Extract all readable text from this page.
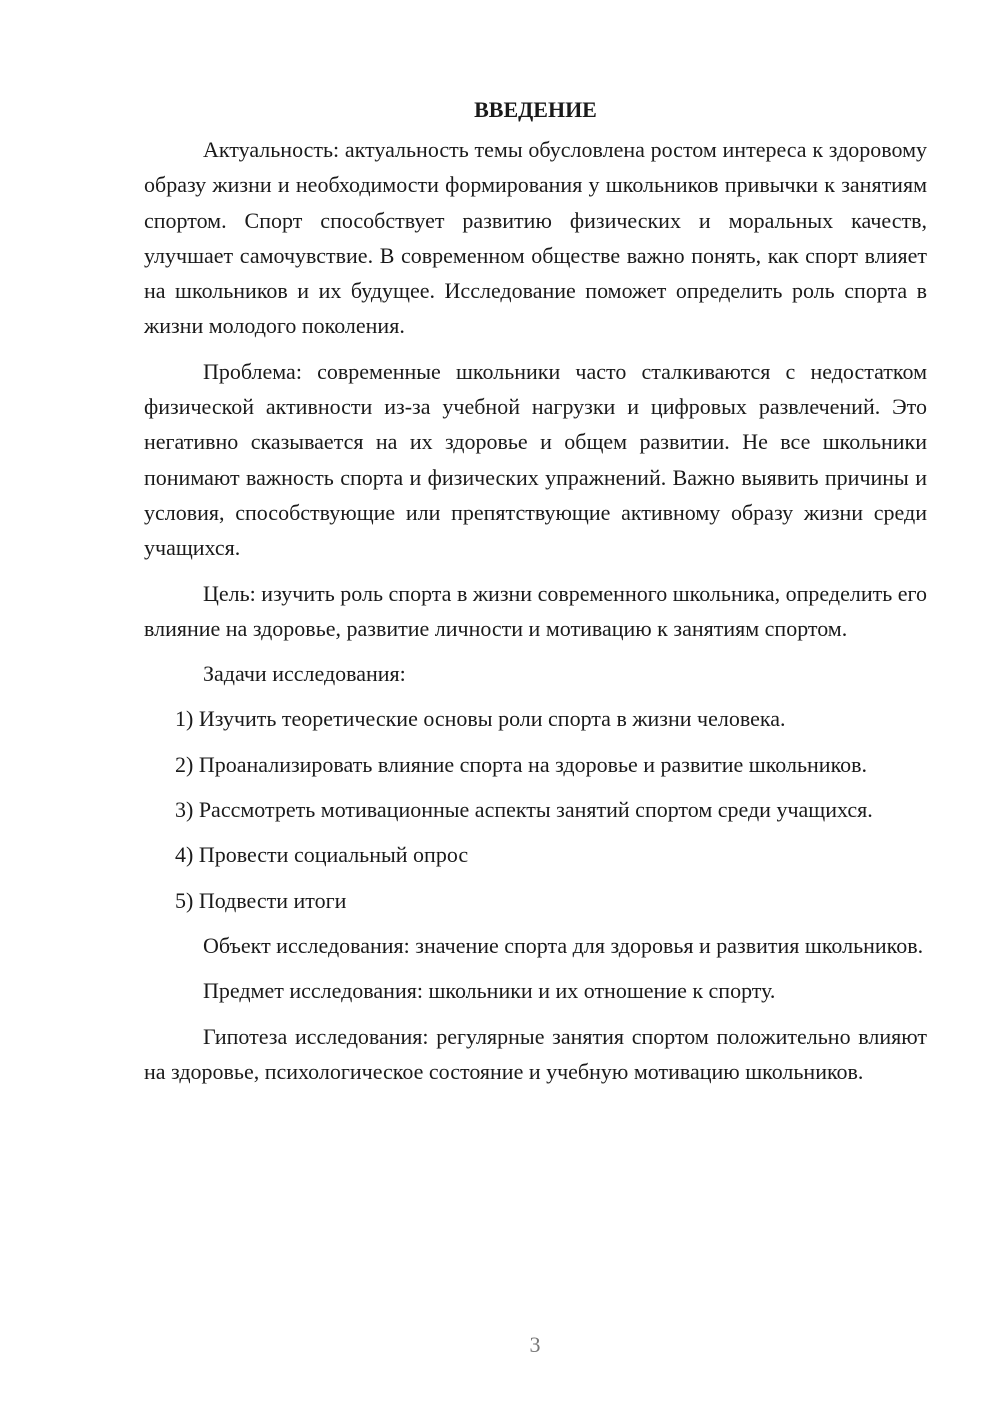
ВВЕДЕНИЕ

Актуальность: актуальность темы обусловлена ростом интереса к здоровому образу жизни и необходимости формирования у школьников привычки к занятиям спортом. Спорт способствует развитию физических и моральных качеств, улучшает самочувствие. В современном обществе важно понять, как спорт влияет на школьников и их будущее. Исследование поможет определить роль спорта в жизни молодого поколения.

Проблема: современные школьники часто сталкиваются с недостатком физической активности из-за учебной нагрузки и цифровых развлечений. Это негативно сказывается на их здоровье и общем развитии. Не все школьники понимают важность спорта и физических упражнений. Важно выявить причины и условия, способствующие или препятствующие активному образу жизни среди учащихся.

Цель: изучить роль спорта в жизни современного школьника, определить его влияние на здоровье, развитие личности и мотивацию к занятиям спортом.

Задачи исследования:

1) Изучить теоретические основы роли спорта в жизни человека.

2) Проанализировать влияние спорта на здоровье и развитие школьников.

3) Рассмотреть мотивационные аспекты занятий спортом среди учащихся.

4) Провести социальный опрос

5) Подвести итоги

Объект исследования: значение спорта для здоровья и развития школьников.

Предмет исследования: школьники и их отношение к спорту.

Гипотеза исследования: регулярные занятия спортом положительно влияют на здоровье, психологическое состояние и учебную мотивацию школьников.

3
